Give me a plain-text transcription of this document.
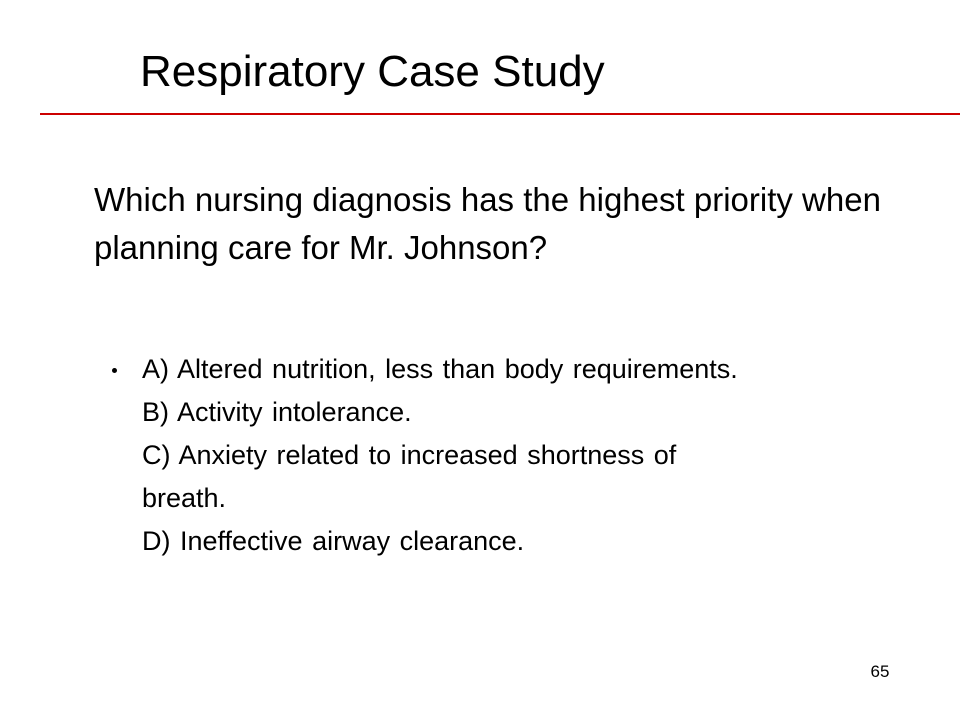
Respiratory Case Study
Which nursing diagnosis has the highest priority when planning care for Mr. Johnson?
A) Altered nutrition, less than body requirements.
B) Activity intolerance.
C) Anxiety related to increased shortness of
breath.
D) Ineffective airway clearance.
65
